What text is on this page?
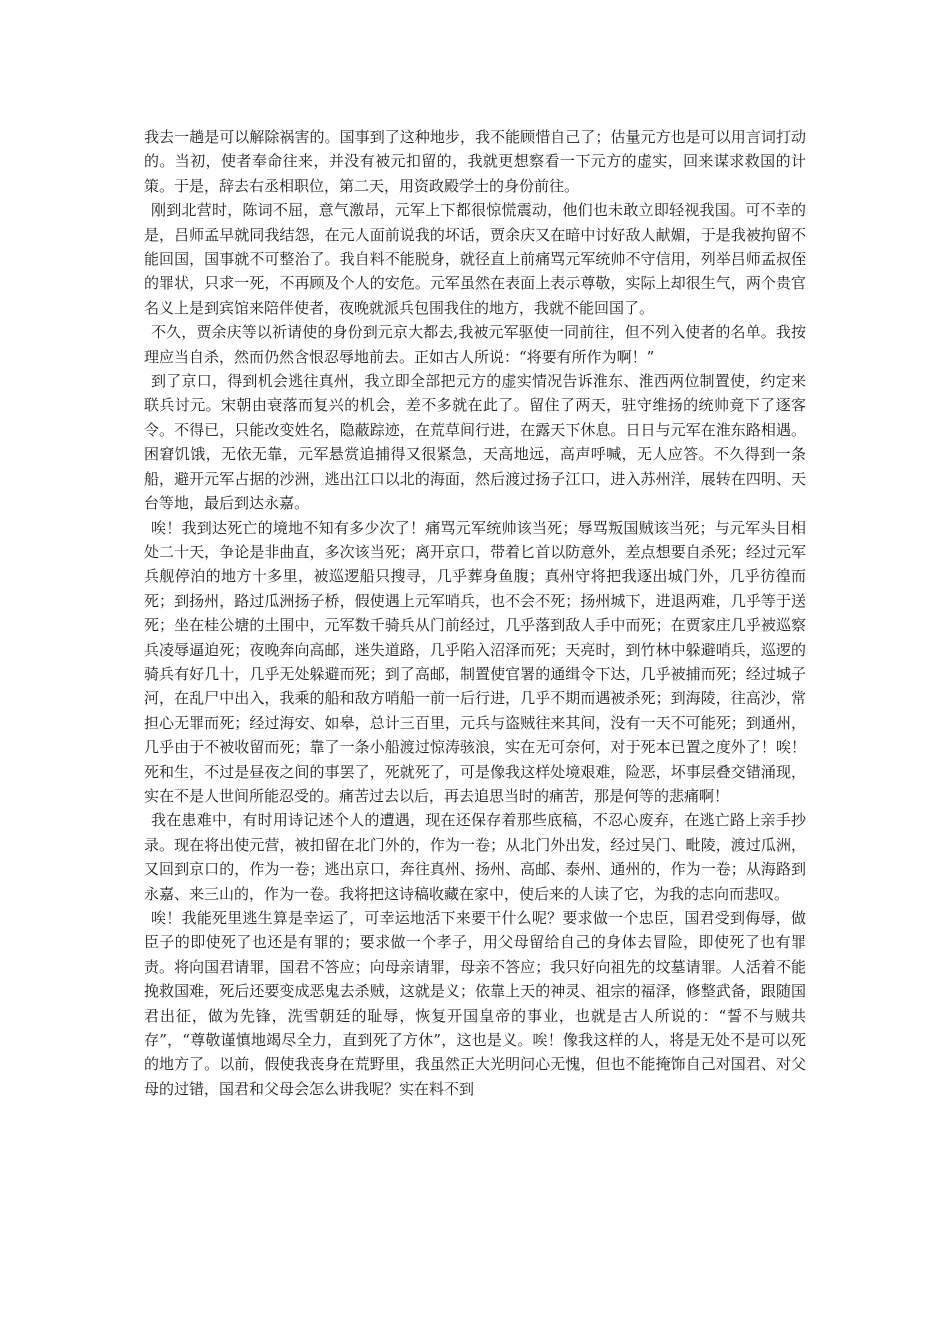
我去一趟是可以解除祸害的。国事到了这种地步，我不能顾惜自己了；估量元方也是可以用言词打动的。当初，使者奉命往来，并没有被元扣留的，我就更想察看一下元方的虚实，回来谋求救国的计策。于是，辞去右丞相职位，第二天，用资政殿学士的身份前往。

刚到北营时，陈词不屈，意气激昂，元军上下都很惊慌震动，他们也未敢立即轻视我国。可不幸的是，吕师孟早就同我结怨，在元人面前说我的坏话，贾余庆又在暗中讨好敌人献媚，于是我被拘留不能回国，国事就不可整治了。我自料不能脱身，就径直上前痛骂元军统帅不守信用，列举吕师孟叔侄的罪状，只求一死，不再顾及个人的安危。元军虽然在表面上表示尊敬，实际上却很生气，两个贵官名义上是到宾馆来陪伴使者，夜晚就派兵包围我住的地方，我就不能回国了。

不久，贾余庆等以祈请使的身份到元京大都去,我被元军驱使一同前往，但不列入使者的名单。我按理应当自杀，然而仍然含恨忍辱地前去。正如古人所说：“将要有所作为啊！”

到了京口，得到机会逃往真州，我立即全部把元方的虚实情况告诉淮东、淮西两位制置使，约定来联兵讨元。宋朝由衰落而复兴的机会，差不多就在此了。留住了两天，驻守维扬的统帅竟下了逐客令。不得已，只能改变姓名，隐蔽踪迹，在荒草间行进，在露天下休息。日日与元军在淮东路相遇。困窘饥饿，无依无靠，元军悬赏追捕得又很紧急，天高地远，高声呼喊，无人应答。不久得到一条船，避开元军占据的沙洲，逃出江口以北的海面，然后渡过扬子江口，进入苏州洋，展转在四明、天台等地，最后到达永嘉。

唉！我到达死亡的境地不知有多少次了！痛骂元军统帅该当死；辱骂叛国贼该当死；与元军头目相处二十天，争论是非曲直，多次该当死；离开京口，带着匕首以防意外，差点想要自杀死；经过元军兵舰停泊的地方十多里，被巡逻船只搜寻，几乎葬身鱼腹；真州守将把我逐出城门外，几乎彷徨而死；到扬州，路过瓜洲扬子桥，假使遇上元军哨兵，也不会不死；扬州城下，进退两难，几乎等于送死；坐在桂公塘的土围中，元军数千骑兵从门前经过，几乎落到敌人手中而死；在贾家庄几乎被巡察兵凌辱逼迫死；夜晚奔向高邮，迷失道路，几乎陷入沼泽而死；天亮时，到竹林中躲避哨兵，巡逻的骑兵有好几十，几乎无处躲避而死；到了高邮，制置使官署的通缉令下达，几乎被捕而死；经过城子河，在乱尸中出入，我乘的船和敌方哨船一前一后行进，几乎不期而遇被杀死；到海陵，往高沙，常担心无罪而死；经过海安、如皋，总计三百里，元兵与盗贼往来其间，没有一天不可能死；到通州，几乎由于不被收留而死；靠了一条小船渡过惊涛骇浪，实在无可奈何，对于死本已置之度外了！唉！死和生，不过是昼夜之间的事罢了，死就死了，可是像我这样处境艰难，险恶，坏事层叠交错涌现，实在不是人世间所能忍受的。痛苦过去以后，再去追思当时的痛苦，那是何等的悲痛啊！

我在患难中，有时用诗记述个人的遭遇，现在还保存着那些底稿，不忍心废弃，在逃亡路上亲手抄录。现在将出使元营，被扣留在北门外的，作为一卷；从北门外出发，经过吴门、毗陵，渡过瓜洲，又回到京口的，作为一卷；逃出京口，奔往真州、扬州、高邮、泰州、通州的，作为一卷；从海路到永嘉、来三山的，作为一卷。我将把这诗稿收藏在家中，使后来的人读了它，为我的志向而悲叹。

唉！我能死里逃生算是幸运了，可幸运地活下来要干什么呢？要求做一个忠臣，国君受到侮辱，做臣子的即使死了也还是有罪的；要求做一个孝子，用父母留给自己的身体去冒险，即使死了也有罪责。将向国君请罪，国君不答应；向母亲请罪，母亲不答应；我只好向祖先的坟墓请罪。人活着不能挽救国难，死后还要变成恶鬼去杀贼，这就是义；依靠上天的神灵、祖宗的福泽，修整武备，跟随国君出征，做为先锋，洗雪朝廷的耻辱，恢复开国皇帝的事业，也就是古人所说的：“誓不与贼共存”，“尊敬谨慎地竭尽全力，直到死了方休”，这也是义。唉！像我这样的人，将是无处不是可以死的地方了。以前，假使我丧身在荒野里，我虽然正大光明问心无愧，但也不能掩饰自己对国君、对父母的过错，国君和父母会怎么讲我呢？实在料不到
